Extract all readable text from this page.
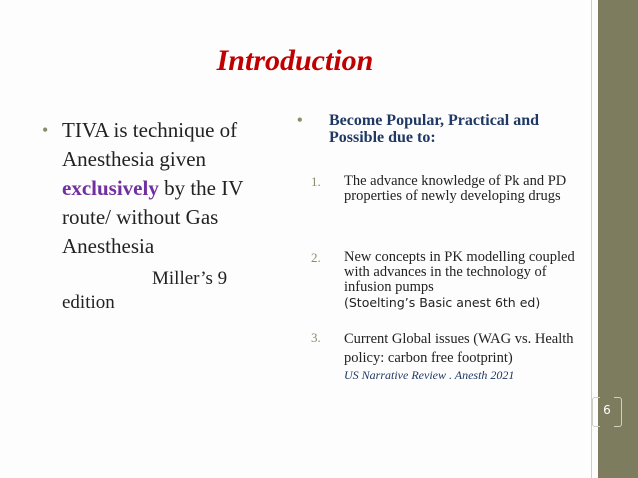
Introduction
• TIVA is technique of Anesthesia given exclusively by the IV route/ without Gas Anesthesia
Miller’s 9
edition
• Become Popular, Practical and Possible due to:
1. The advance knowledge of Pk and PD properties of newly developing drugs
2. New concepts in PK modelling coupled with advances in the technology of infusion pumps
(Stoelting’s Basic anest 6th ed)
3. Current Global issues (WAG vs. Health policy: carbon free footprint)
US Narrative Review . Anesth 2021
6
